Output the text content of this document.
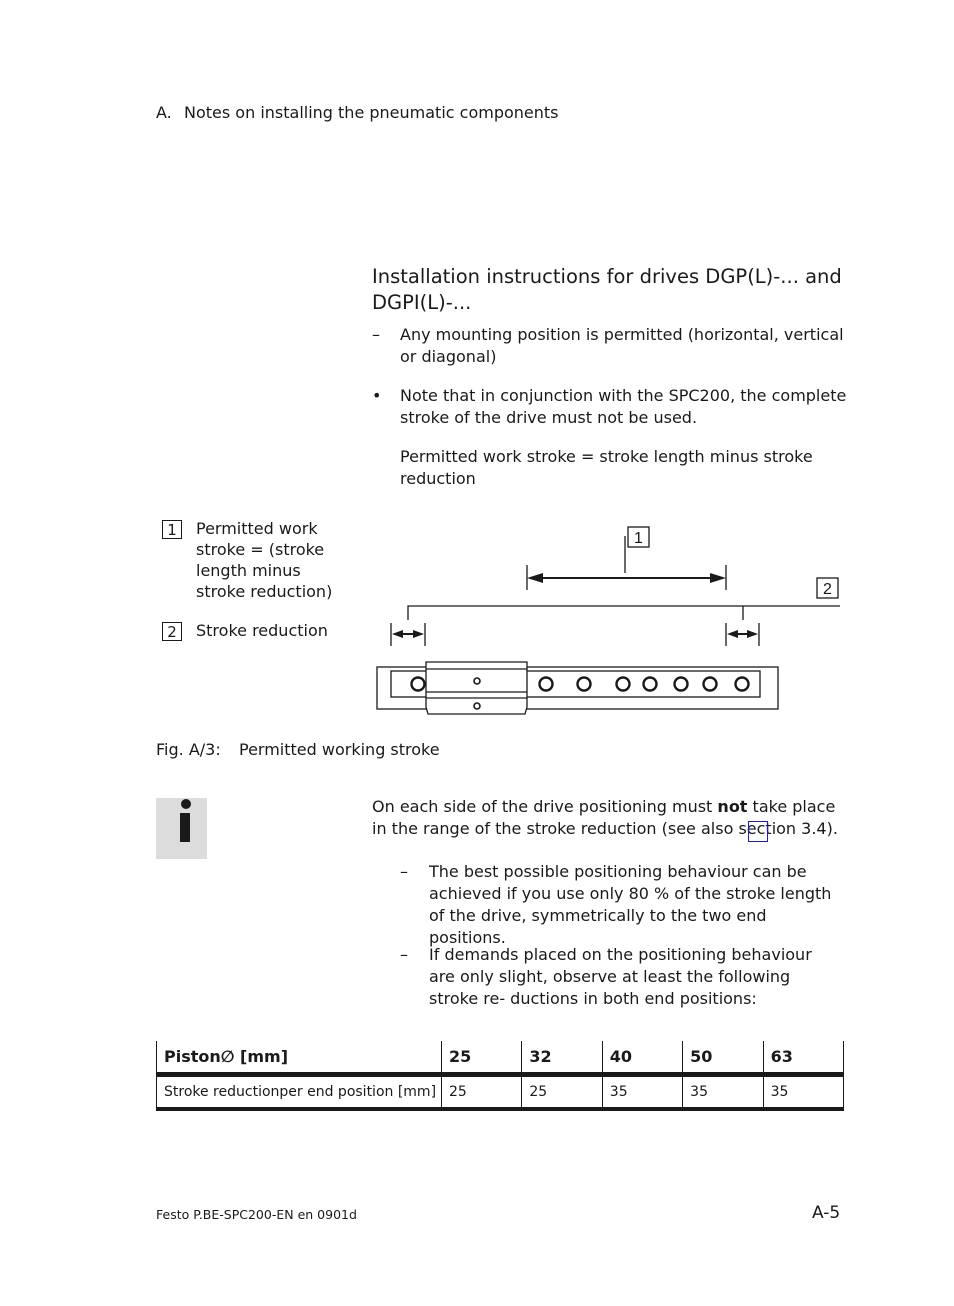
A. Notes on installing the pneumatic components
Installation instructions for drives DGP(L)-... and DGPI(L)-...
–	Any mounting position is permitted (horizontal, vertical or diagonal)
•	Note that in conjunction with the SPC200, the complete stroke of the drive must not be used.
Permitted work stroke = stroke length minus stroke reduction
1	Permitted work stroke = (stroke length minus stroke reduction)
2	Stroke reduction
1
2
Fig. A/3: Permitted working stroke
On each side of the drive positioning must not take place in the range of the stroke reduction (see also section 3.4).
– The best possible positioning behaviour can be achieved if you use only 80 % of the stroke length of the drive, symmetrically to the two end positions.
– If demands placed on the positioning behaviour are only slight, observe at least the following stroke re- ductions in both end positions:
Piston∅ [mm]	25	32	40	50	63
Stroke reductionper end position [mm]	25	25	35	35	35
Festo P.BE-SPC200-EN en 0901d	A-5
